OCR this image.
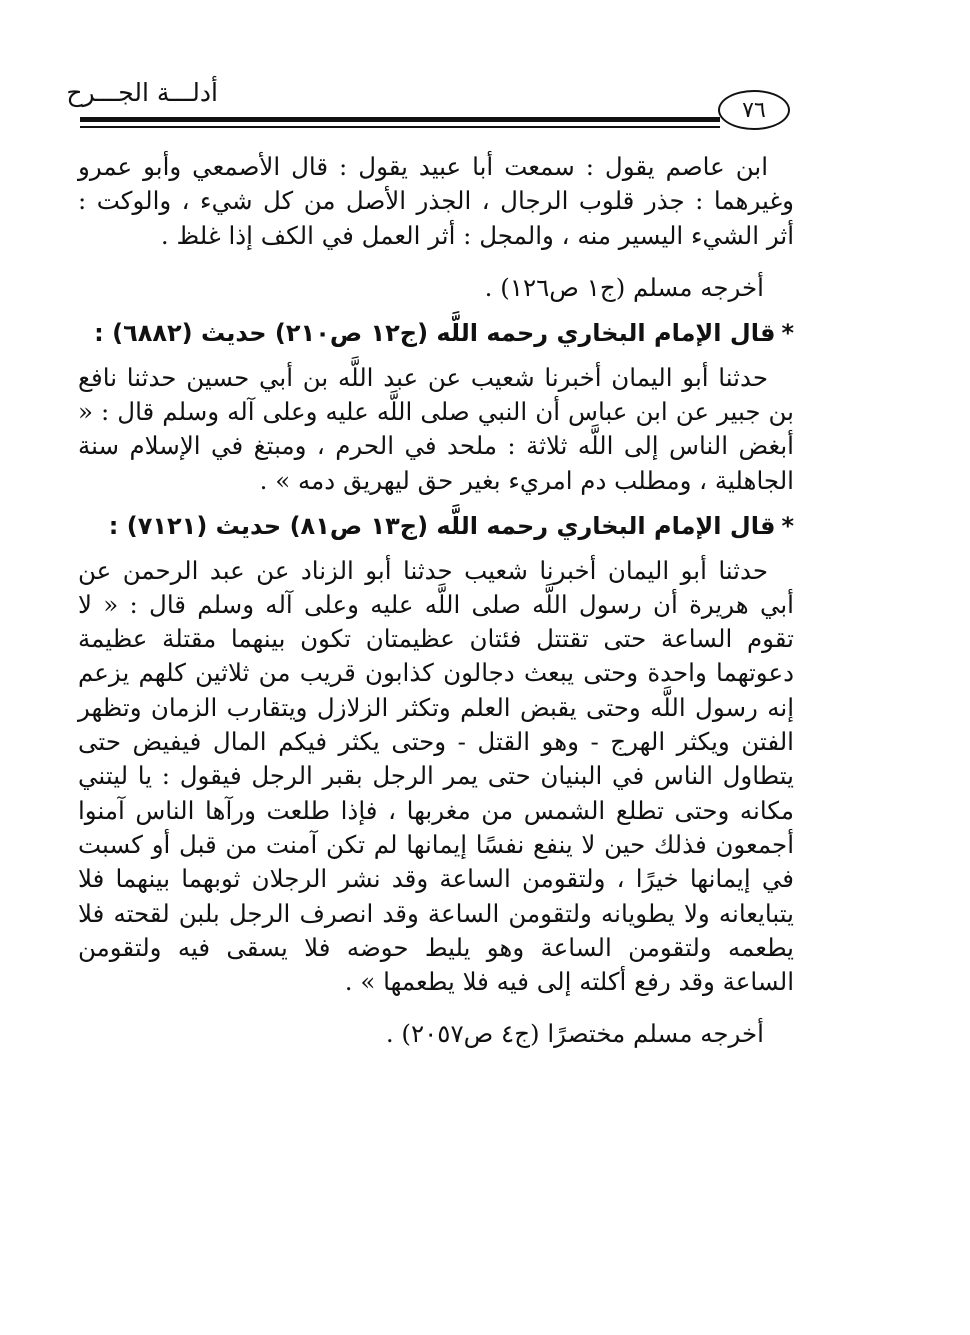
أدلـــة الجـــرح
٧٦

ابن عاصم يقول : سمعت أبا عبيد يقول : قال الأصمعي وأبو عمرو وغيرهما : جذر قلوب الرجال ، الجذر الأصل من كل شيء ، والوكت : أثر الشيء اليسير منه ، والمجل : أثر العمل في الكف إذا غلظ .

أخرجه مسلم (ج١ ص١٢٦) .

*قال الإمام البخاري رحمه اللَّه (ج١٢ ص٢١٠) حديث (٦٨٨٢) :

حدثنا أبو اليمان أخبرنا شعيب عن عبد اللَّه بن أبي حسين حدثنا نافع بن جبير عن ابن عباس أن النبي صلى اللَّه عليه وعلى آله وسلم قال : « أبغض الناس إلى اللَّه ثلاثة : ملحد في الحرم ، ومبتغ في الإسلام سنة الجاهلية ، ومطلب دم امريء بغير حق ليهريق دمه » .

*قال الإمام البخاري رحمه اللَّه (ج١٣ ص٨١) حديث (٧١٢١) :

حدثنا أبو اليمان أخبرنا شعيب حدثنا أبو الزناد عن عبد الرحمن عن أبي هريرة أن رسول اللَّه صلى اللَّه عليه وعلى آله وسلم قال : « لا تقوم الساعة حتى تقتتل فئتان عظيمتان تكون بينهما مقتلة عظيمة دعوتهما واحدة وحتى يبعث دجالون كذابون قريب من ثلاثين كلهم يزعم إنه رسول اللَّه وحتى يقبض العلم وتكثر الزلازل ويتقارب الزمان وتظهر الفتن ويكثر الهرج - وهو القتل - وحتى يكثر فيكم المال فيفيض حتى يتطاول الناس في البنيان حتى يمر الرجل بقبر الرجل فيقول : يا ليتني مكانه وحتى تطلع الشمس من مغربها ، فإذا طلعت ورآها الناس آمنوا أجمعون فذلك حين لا ينفع نفسًا إيمانها لم تكن آمنت من قبل أو كسبت في إيمانها خيرًا ، ولتقومن الساعة وقد نشر الرجلان ثوبهما بينهما فلا يتبايعانه ولا يطويانه ولتقومن الساعة وقد انصرف الرجل بلبن لقحته فلا يطعمه ولتقومن الساعة وهو يليط حوضه فلا يسقى فيه ولتقومن الساعة وقد رفع أكلته إلى فيه فلا يطعمها » .

أخرجه مسلم مختصرًا (ج٤ ص٢٠٥٧) .
